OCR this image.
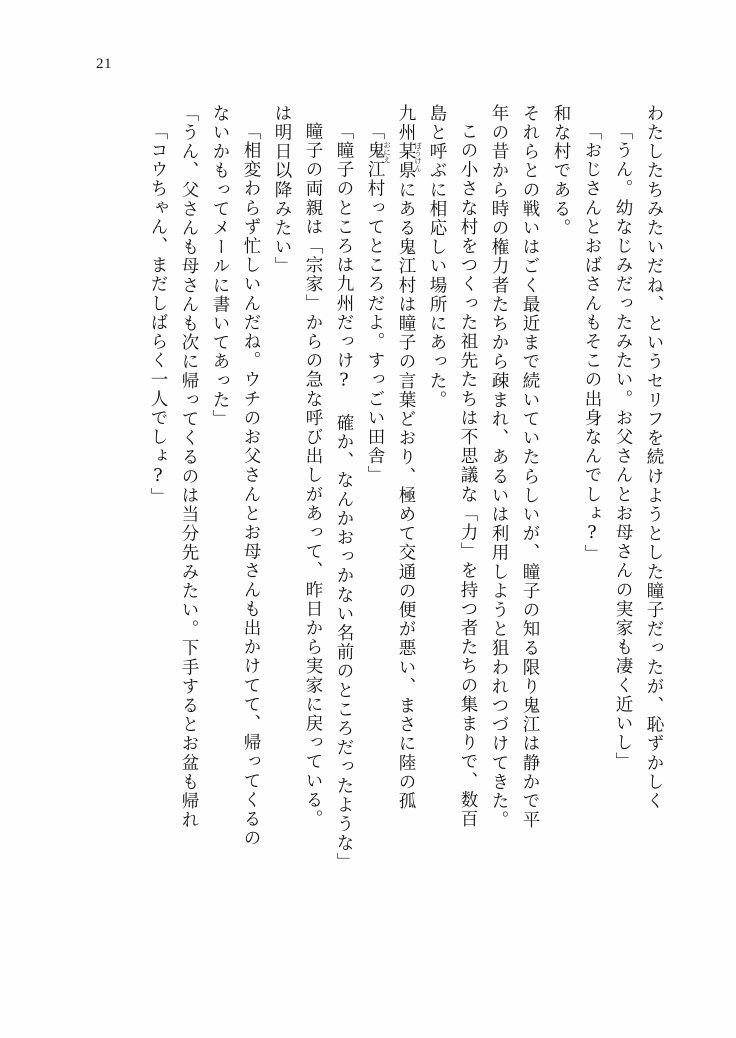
21
「コウちゃん、まだしばらく一人でしょ?」 「うん、父さんも母さんも次に帰ってくるのは当分先みたい。下手するとお盆も帰れ ないかもってメールに書いてあった」 「相変わらず忙しいんだね。ウチのお父さんとお母さんも出かけてて、帰ってくるの は明日以降みたい」 瞳子の両親は「宗家」からの急な呼び出しがあって、昨日から実家に戻っている。 「瞳子のところは九州だっけ? 確か、なんかおっかない名前のところだったような」 「鬼江
おにえ
村ってところだよ。すっごい田舎」
九州某
ぼうけん
県にある鬼江村は瞳子の言葉どおり、極めて交通の便が悪い、まさに陸の孤 島と呼ぶに相応しい場所にあった。 この小さな村をつくった祖先たちは不思議な「力」を持つ者たちの集まりで、数百 年の昔から時の権力者たちから疎まれ、あるいは利用しようと狙われつづけてきた。 それらとの戦いはごく最近まで続いていたらしいが、瞳子の知る限り鬼江は静かで平 和な村である。 「おじさんとおばさんもそこの出身なんでしょ?」 「うん。幼なじみだったみたい。お父さんとお母さんの実家も凄く近いし」 わたしたちみたいだね、というセリフを続けようとした瞳子だったが、恥ずかしく
